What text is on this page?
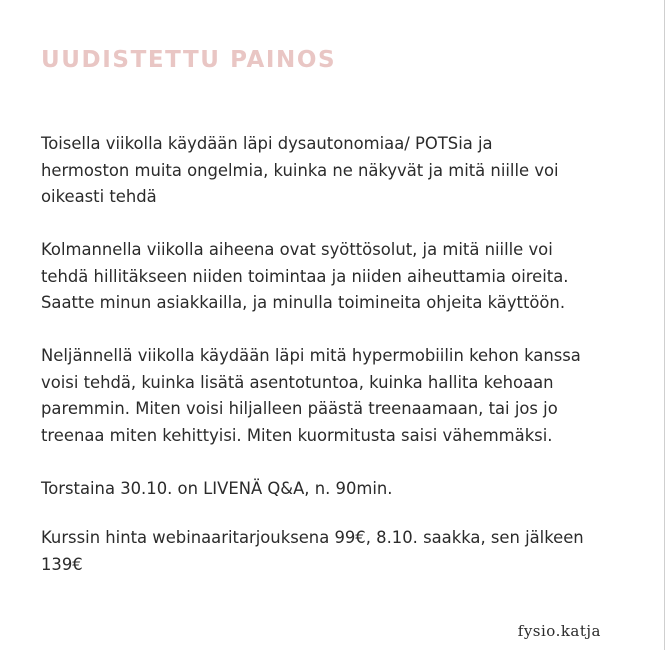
UUDISTETTU PAINOS

Toisella viikolla käydään läpi dysautonomiaa/ POTSia ja
hermoston muita ongelmia, kuinka ne näkyvät ja mitä niille voi
oikeasti tehdä

Kolmannella viikolla aiheena ovat syöttösolut, ja mitä niille voi
tehdä hillitäkseen niiden toimintaa ja niiden aiheuttamia oireita.
Saatte minun asiakkailla, ja minulla toimineita ohjeita käyttöön.

Neljännellä viikolla käydään läpi mitä hypermobiilin kehon kanssa
voisi tehdä, kuinka lisätä asentotuntoa, kuinka hallita kehoaan
paremmin. Miten voisi hiljalleen päästä treenaamaan, tai jos jo
treenaa miten kehittyisi. Miten kuormitusta saisi vähemmäksi.

Torstaina 30.10. on LIVENÄ Q&A, n. 90min.

Kurssin hinta webinaaritarjouksena 99€, 8.10. saakka, sen jälkeen
139€

fysio.katja
